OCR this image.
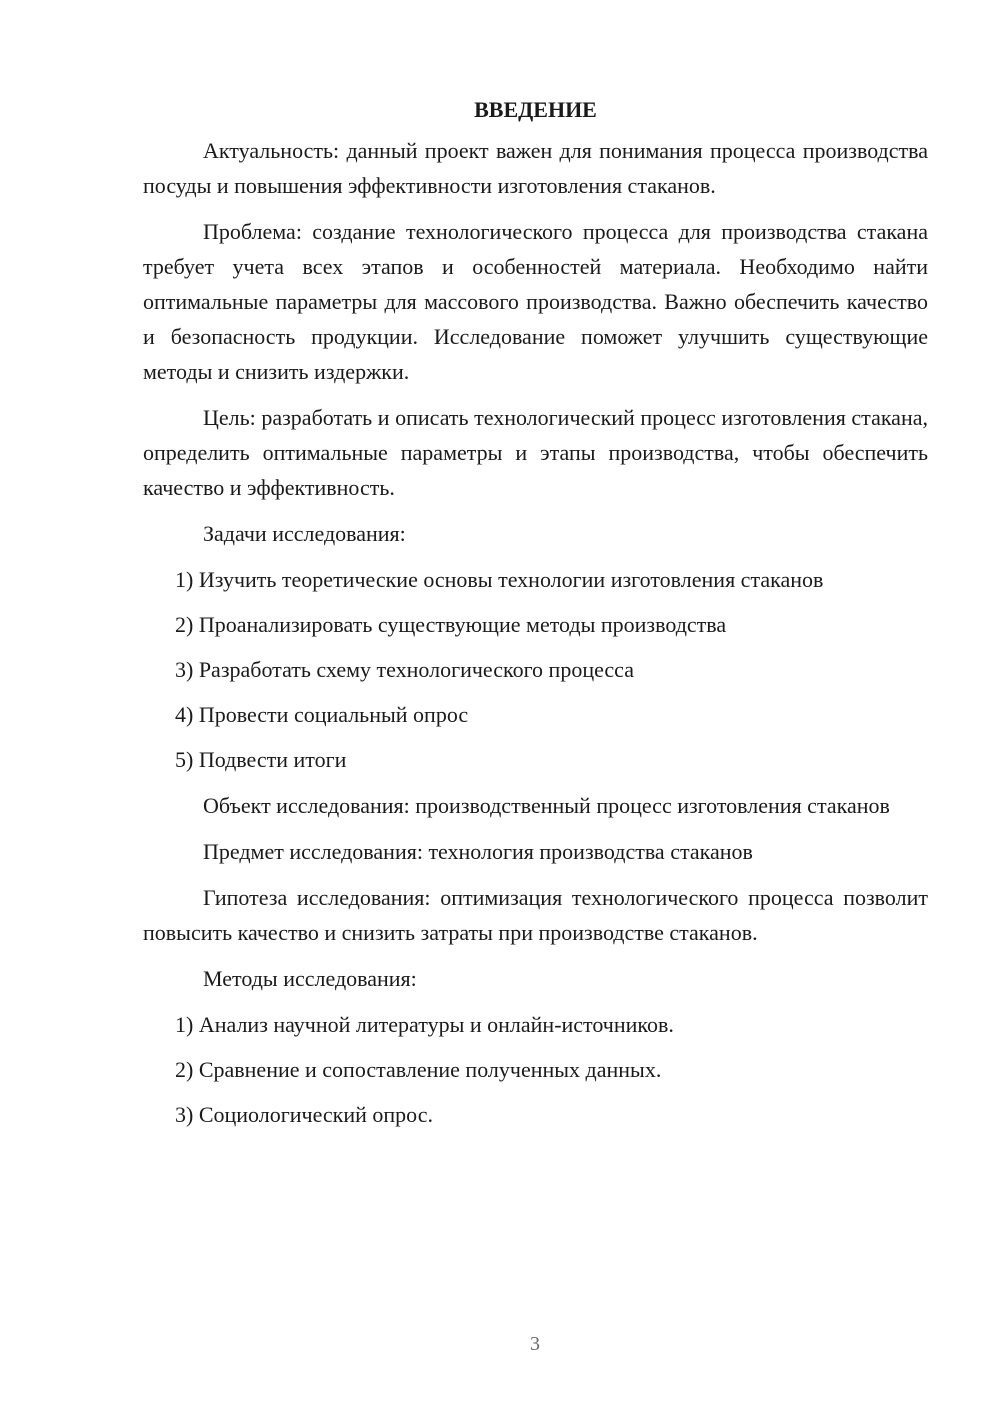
ВВЕДЕНИЕ

Актуальность: данный проект важен для понимания процесса производства посуды и повышения эффективности изготовления стаканов.

Проблема: создание технологического процесса для производства стакана требует учета всех этапов и особенностей материала. Необходимо найти оптимальные параметры для массового производства. Важно обеспечить качество и безопасность продукции. Исследование поможет улучшить существующие методы и снизить издержки.

Цель: разработать и описать технологический процесс изготовления стакана, определить оптимальные параметры и этапы производства, чтобы обеспечить качество и эффективность.

Задачи исследования:

1) Изучить теоретические основы технологии изготовления стаканов
2) Проанализировать существующие методы производства
3) Разработать схему технологического процесса
4) Провести социальный опрос
5) Подвести итоги

Объект исследования: производственный процесс изготовления стаканов

Предмет исследования: технология производства стаканов

Гипотеза исследования: оптимизация технологического процесса позволит повысить качество и снизить затраты при производстве стаканов.

Методы исследования:

1) Анализ научной литературы и онлайн-источников.
2) Сравнение и сопоставление полученных данных.
3) Социологический опрос.
3
